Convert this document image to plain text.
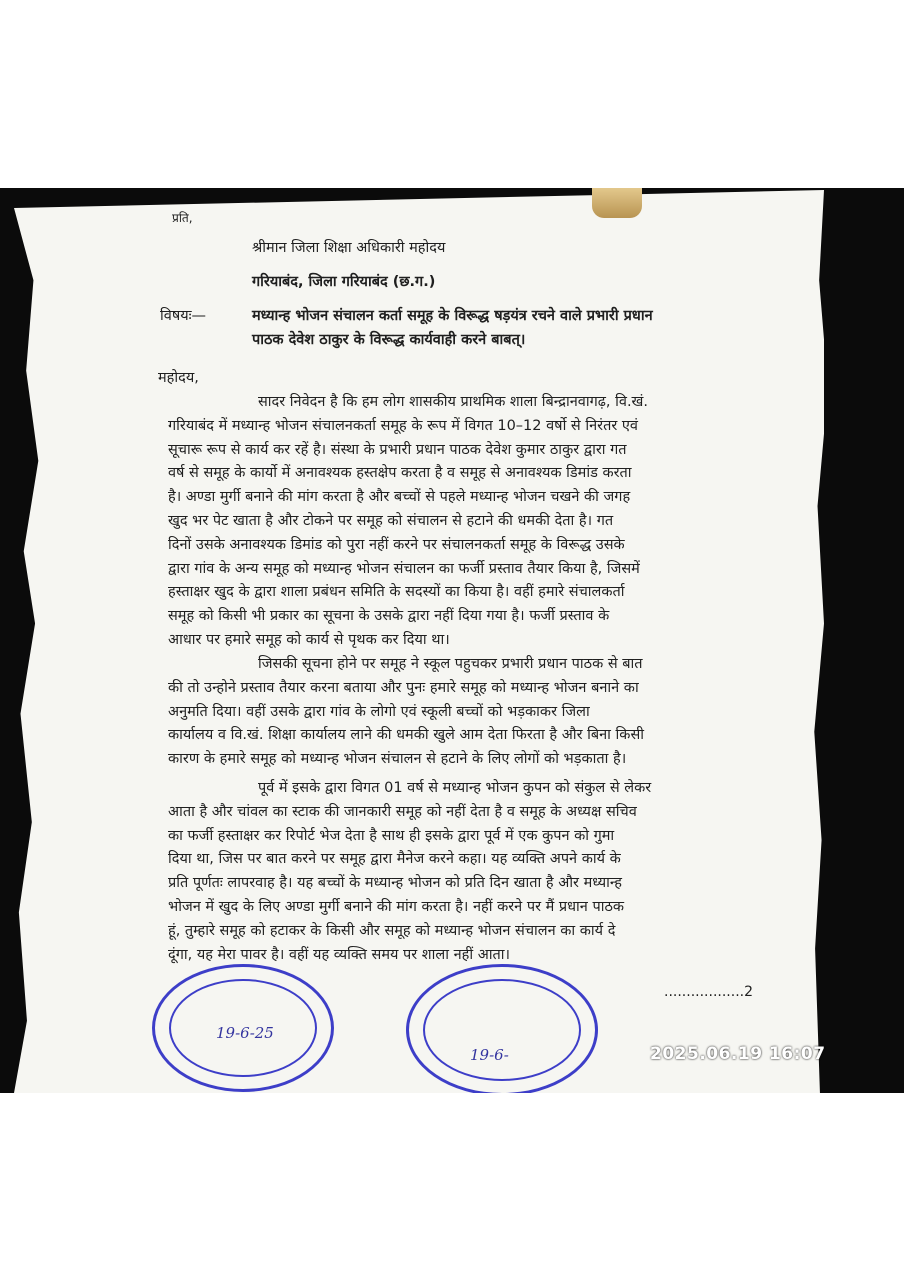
प्रति,
श्रीमान जिला शिक्षा अधिकारी महोदय
गरियाबंद, जिला गरियाबंद (छ.ग.)
विषयः—	मध्यान्ह भोजन संचालन कर्ता समूह के विरूद्ध षड़यंत्र रचने वाले प्रभारी प्रधान
पाठक देवेश ठाकुर के विरूद्ध कार्यवाही करने बाबत्।
महोदय,
सादर निवेदन है कि हम लोग शासकीय प्राथमिक शाला बिन्द्रानवागढ़, वि.खं.
गरियाबंद में मध्यान्ह भोजन संचालनकर्ता समूह के रूप में विगत 10–12 वर्षो से निरंतर एवं
सूचारू रूप से कार्य कर रहें है। संस्था के प्रभारी प्रधान पाठक देवेश कुमार ठाकुर द्वारा गत
वर्ष से समूह के कार्यो में अनावश्यक हस्तक्षेप करता है व समूह से अनावश्यक डिमांड करता
है। अण्डा मुर्गी बनाने की मांग करता है और बच्चों से पहले मध्यान्ह भोजन चखने की जगह
खुद भर पेट खाता है और टोकने पर समूह को संचालन से हटाने की धमकी देता है। गत
दिनों उसके अनावश्यक डिमांड को पुरा नहीं करने पर संचालनकर्ता समूह के विरूद्ध उसके
द्वारा गांव के अन्य समूह को मध्यान्ह भोजन संचालन का फर्जी प्रस्ताव तैयार किया है, जिसमें
हस्ताक्षर खुद के द्वारा शाला प्रबंधन समिति के सदस्यों का किया है। वहीं हमारे संचालकर्ता
समूह को किसी भी प्रकार का सूचना के उसके द्वारा नहीं दिया गया है। फर्जी प्रस्ताव के
आधार पर हमारे समूह को कार्य से पृथक कर दिया था।
जिसकी सूचना होने पर समूह ने स्कूल पहुचकर प्रभारी प्रधान पाठक से बात
की तो उन्होने प्रस्ताव तैयार करना बताया और पुनः हमारे समूह को मध्यान्ह भोजन बनाने का
अनुमति दिया। वहीं उसके द्वारा गांव के लोगो एवं स्कूली बच्चों को भड़काकर जिला
कार्यालय व वि.खं. शिक्षा कार्यालय लाने की धमकी खुले आम देता फिरता है और बिना किसी
कारण के हमारे समूह को मध्यान्ह भोजन संचालन से हटाने के लिए लोगों को भड़काता है।
पूर्व में इसके द्वारा विगत 01 वर्ष से मध्यान्ह भोजन कुपन को संकुल से लेकर
आता है और चांवल का स्टाक की जानकारी समूह को नहीं देता है व समूह के अध्यक्ष सचिव
का फर्जी हस्ताक्षर कर रिपोर्ट भेज देता है साथ ही इसके द्वारा पूर्व में एक कुपन को गुमा
दिया था, जिस पर बात करने पर समूह द्वारा मैनेज करने कहा। यह व्यक्ति अपने कार्य के
प्रति पूर्णतः लापरवाह है। यह बच्चों के मध्यान्ह भोजन को प्रति दिन खाता है और मध्यान्ह
भोजन में खुद के लिए अण्डा मुर्गी बनाने की मांग करता है। नहीं करने पर मैं प्रधान पाठक
हूं, तुम्हारे समूह को हटाकर के किसी और समूह को मध्यान्ह भोजन संचालन का कार्य दे
दूंगा, यह मेरा पावर है। वहीं यह व्यक्ति समय पर शाला नहीं आता।
..................2
19-6-25
19-6-	2025.06.19 16:07
